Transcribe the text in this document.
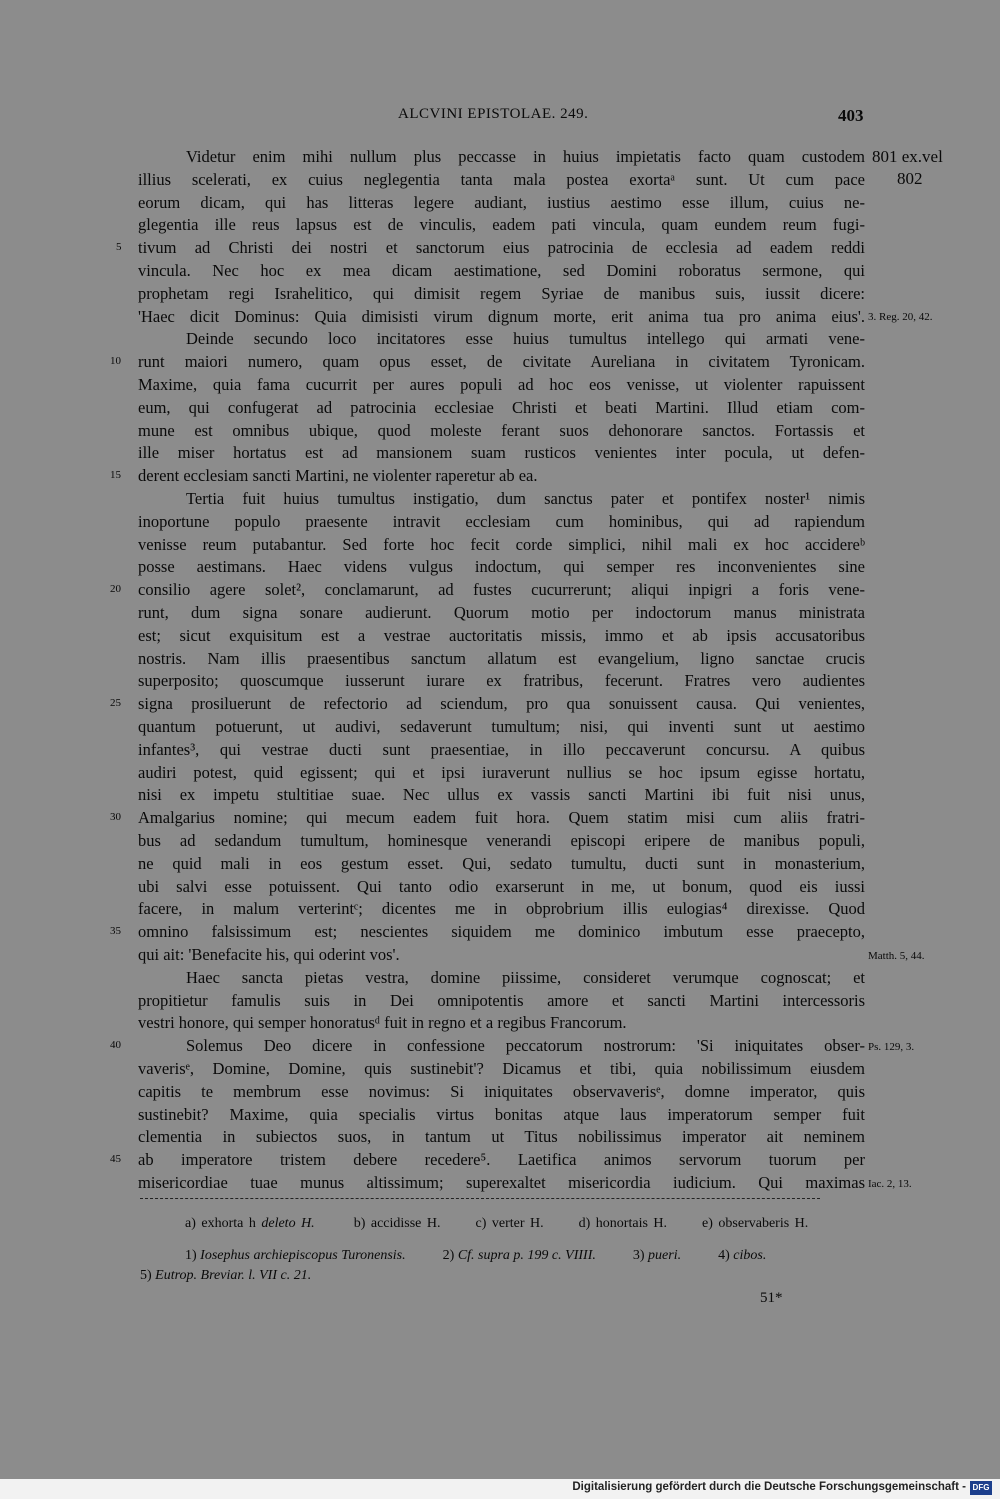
ALCVINI EPISTOLAE. 249.	403
801 ex.vel
802
Videtur enim mihi nullum plus peccasse in huius impietatis facto quam custodem
illius scelerati, ex cuius neglegentia tanta mala postea exortaᵃ sunt. Ut cum pace
eorum dicam, qui has litteras legere audiant, iustius aestimo esse illum, cuius ne-
glegentia ille reus lapsus est de vinculis, eadem pati vincula, quam eundem reum fugi-
tivum ad Christi dei nostri et sanctorum eius patrocinia de ecclesia ad eadem reddi
vincula. Nec hoc ex mea dicam aestimatione, sed Domini roboratus sermone, qui
prophetam regi Israhelitico, qui dimisit regem Syriae de manibus suis, iussit dicere:
'Haec dicit Dominus: Quia dimisisti virum dignum morte, erit anima tua pro anima eius'.
Deinde secundo loco incitatores esse huius tumultus intellego qui armati vene-
runt maiori numero, quam opus esset, de civitate Aureliana in civitatem Tyronicam.
Maxime, quia fama cucurrit per aures populi ad hoc eos venisse, ut violenter rapuissent
eum, qui confugerat ad patrocinia ecclesiae Christi et beati Martini. Illud etiam com-
mune est omnibus ubique, quod moleste ferant suos dehonorare sanctos. Fortassis et
ille miser hortatus est ad mansionem suam rusticos venientes inter pocula, ut defen-
derent ecclesiam sancti Martini, ne violenter raperetur ab ea.
Tertia fuit huius tumultus instigatio, dum sanctus pater et pontifex noster¹ nimis
inoportune populo praesente intravit ecclesiam cum hominibus, qui ad rapiendum
venisse reum putabantur. Sed forte hoc fecit corde simplici, nihil mali ex hoc accidereᵇ
posse aestimans. Haec videns vulgus indoctum, qui semper res inconvenientes sine
consilio agere solet², conclamarunt, ad fustes cucurrerunt; aliqui inpigri a foris vene-
runt, dum signa sonare audierunt. Quorum motio per indoctorum manus ministrata
est; sicut exquisitum est a vestrae auctoritatis missis, immo et ab ipsis accusatoribus
nostris. Nam illis praesentibus sanctum allatum est evangelium, ligno sanctae crucis
superposito; quoscumque iusserunt iurare ex fratribus, fecerunt. Fratres vero audientes
signa prosiluerunt de refectorio ad sciendum, pro qua sonuissent causa. Qui venientes,
quantum potuerunt, ut audivi, sedaverunt tumultum; nisi, qui inventi sunt ut aestimo
infantes³, qui vestrae ducti sunt praesentiae, in illo peccaverunt concursu. A quibus
audiri potest, quid egissent; qui et ipsi iuraverunt nullius se hoc ipsum egisse hortatu,
nisi ex impetu stultitiae suae. Nec ullus ex vassis sancti Martini ibi fuit nisi unus,
Amalgarius nomine; qui mecum eadem fuit hora. Quem statim misi cum aliis fratri-
bus ad sedandum tumultum, hominesque venerandi episcopi eripere de manibus populi,
ne quid mali in eos gestum esset. Qui, sedato tumultu, ducti sunt in monasterium,
ubi salvi esse potuissent. Qui tanto odio exarserunt in me, ut bonum, quod eis iussi
facere, in malum verterintᶜ; dicentes me in obprobrium illis eulogias⁴ direxisse. Quod
omnino falsissimum est; nescientes siquidem me dominico imbutum esse praecepto,
qui ait: 'Benefacite his, qui oderint vos'.
Haec sancta pietas vestra, domine piissime, consideret verumque cognoscat; et
propitietur famulis suis in Dei omnipotentis amore et sancti Martini intercessoris
vestri honore, qui semper honoratusᵈ fuit in regno et a regibus Francorum.
Solemus Deo dicere in confessione peccatorum nostrorum: 'Si iniquitates obser-
vaverisᵉ, Domine, Domine, quis sustinebit'? Dicamus et tibi, quia nobilissimum eiusdem
capitis te membrum esse novimus: Si iniquitates observaverisᵉ, domne imperator, quis
sustinebit? Maxime, quia specialis virtus bonitas atque laus imperatorum semper fuit
clementia in subiectos suos, in tantum ut Titus nobilissimus imperator ait neminem
ab imperatore tristem debere recedere⁵. Laetifica animos servorum tuorum per
misericordiae tuae munus altissimum; superexaltet misericordia iudicium. Qui maximas
5
10
15
20
25
30
35
40
45
3. Reg. 20, 42.
Matth. 5, 44.
Ps. 129, 3.
Iac. 2, 13.
a) exhorta h deleto H.	b) accidisse H.	c) verter H.	d) honortais H.	e) observaberis H.
1) Iosephus archiepiscopus Turonensis.	2) Cf. supra p. 199 c. VIIII.	3) pueri.	4) cibos.
5) Eutrop. Breviar. l. VII c. 21.
51*
Digitalisierung gefördert durch die Deutsche Forschungsgemeinschaft - DFG
